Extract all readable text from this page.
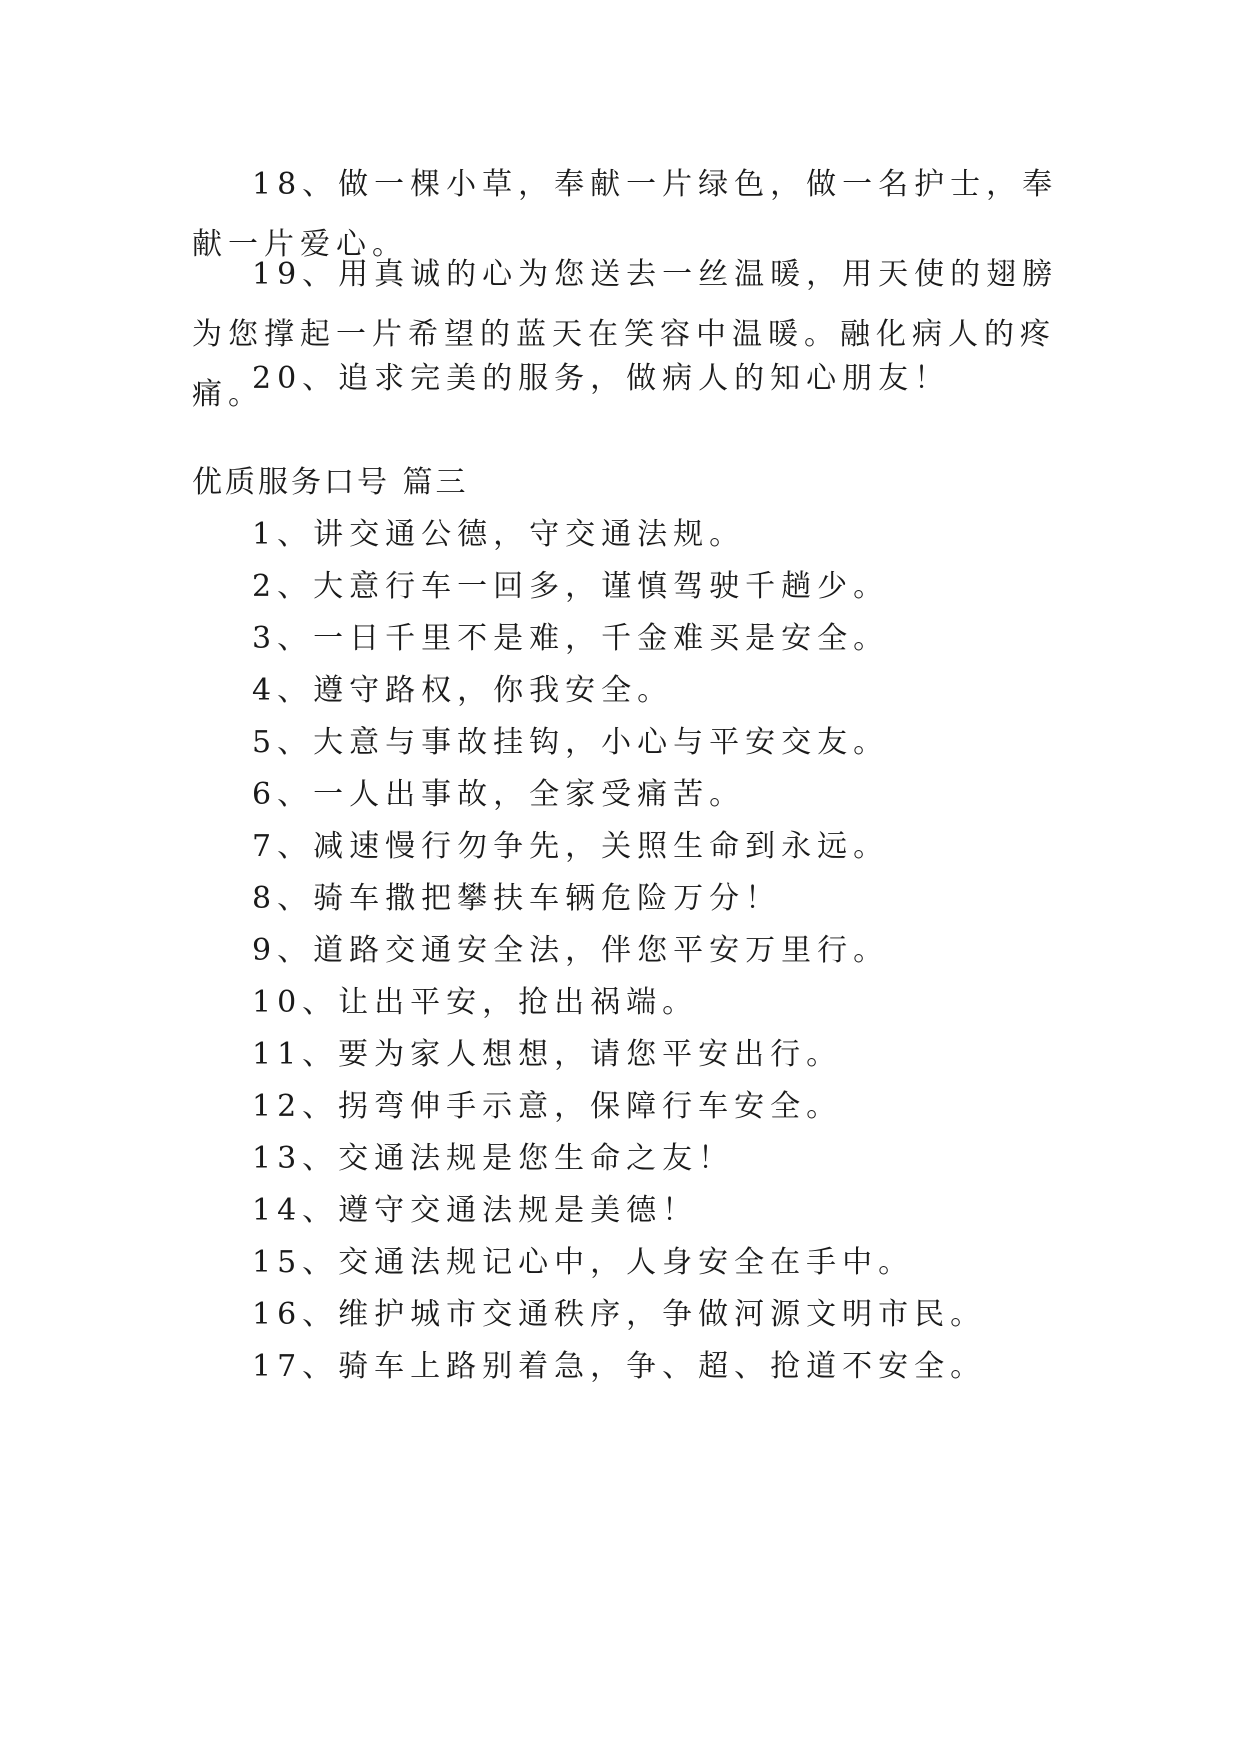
18、做一棵小草，奉献一片绿色，做一名护士，奉献一片爱心。

19、用真诚的心为您送去一丝温暖，用天使的翅膀为您撑起一片希望的蓝天在笑容中温暖。融化病人的疼痛。

20、追求完美的服务，做病人的知心朋友！

优质服务口号 篇三

1、讲交通公德，守交通法规。

2、大意行车一回多，谨慎驾驶千趟少。

3、一日千里不是难，千金难买是安全。

4、遵守路权，你我安全。

5、大意与事故挂钩，小心与平安交友。

6、一人出事故，全家受痛苦。

7、减速慢行勿争先，关照生命到永远。

8、骑车撒把攀扶车辆危险万分！

9、道路交通安全法，伴您平安万里行。

10、让出平安，抢出祸端。

11、要为家人想想，请您平安出行。

12、拐弯伸手示意，保障行车安全。

13、交通法规是您生命之友！

14、遵守交通法规是美德！

15、交通法规记心中，人身安全在手中。

16、维护城市交通秩序，争做河源文明市民。

17、骑车上路别着急，争、超、抢道不安全。
